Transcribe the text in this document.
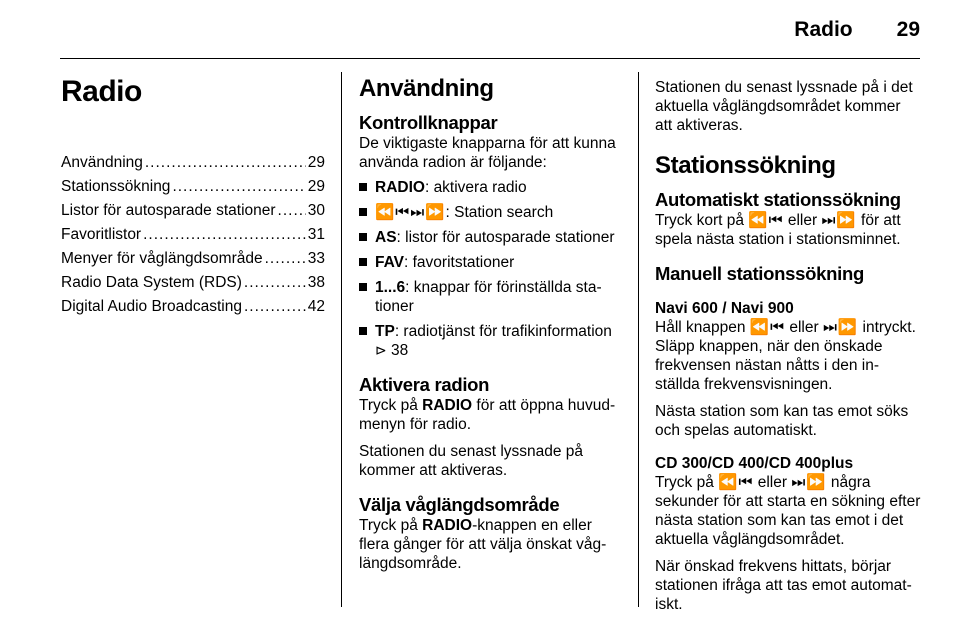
Radio 29
Radio
Användning .....	29
Stationssökning .....	29
Listor för autosparade stationer ..... 30
Favoritlistor .....	31
Menyer för våglängdsområde .....	33
Radio Data System (RDS) .....	38
Digital Audio Broadcasting .....	42
Användning
Kontrollknappar

De viktigaste knapparna för att kunna använda radion är följande:

RADIO: aktivera radio
⏪⏮⏭⏩: Station search
AS: listor för autosparade stationer
FAV: favoritstationer
1...6: knappar för förinställda sta-tioner
TP: radiotjänst för trafikinformation
⊳ 38
Aktivera radion

Tryck på RADIO för att öppna huvud-menyn för radio.

Stationen du senast lyssnade på kommer att aktiveras.

Välja våglängdsområde

Tryck på RADIO-knappen en eller flera gånger för att välja önskat våg-längdsområde.

Stationen du senast lyssnade på i det aktuella våglängdsområdet kommer att aktiveras.

Stationssökning
Automatiskt stationssökning

Tryck kort på ⏪⏮ eller ⏭⏩ för att spela nästa station i stationsminnet.

Manuell stationssökning
Navi 600 / Navi 900

Håll knappen ⏪⏮ eller ⏭⏩ intryckt. Släpp knappen, när den önskade frekvensen nästan nåtts i den in-ställda frekvensvisningen.

Nästa station som kan tas emot söks och spelas automatiskt.

CD 300/CD 400/CD 400plus

Tryck på ⏪⏮ eller ⏭⏩ några sekunder för att starta en sökning efter nästa station som kan tas emot i det aktuella våglängdsområdet.

När önskad frekvens hittats, börjar stationen ifråga att tas emot automat-iskt.
